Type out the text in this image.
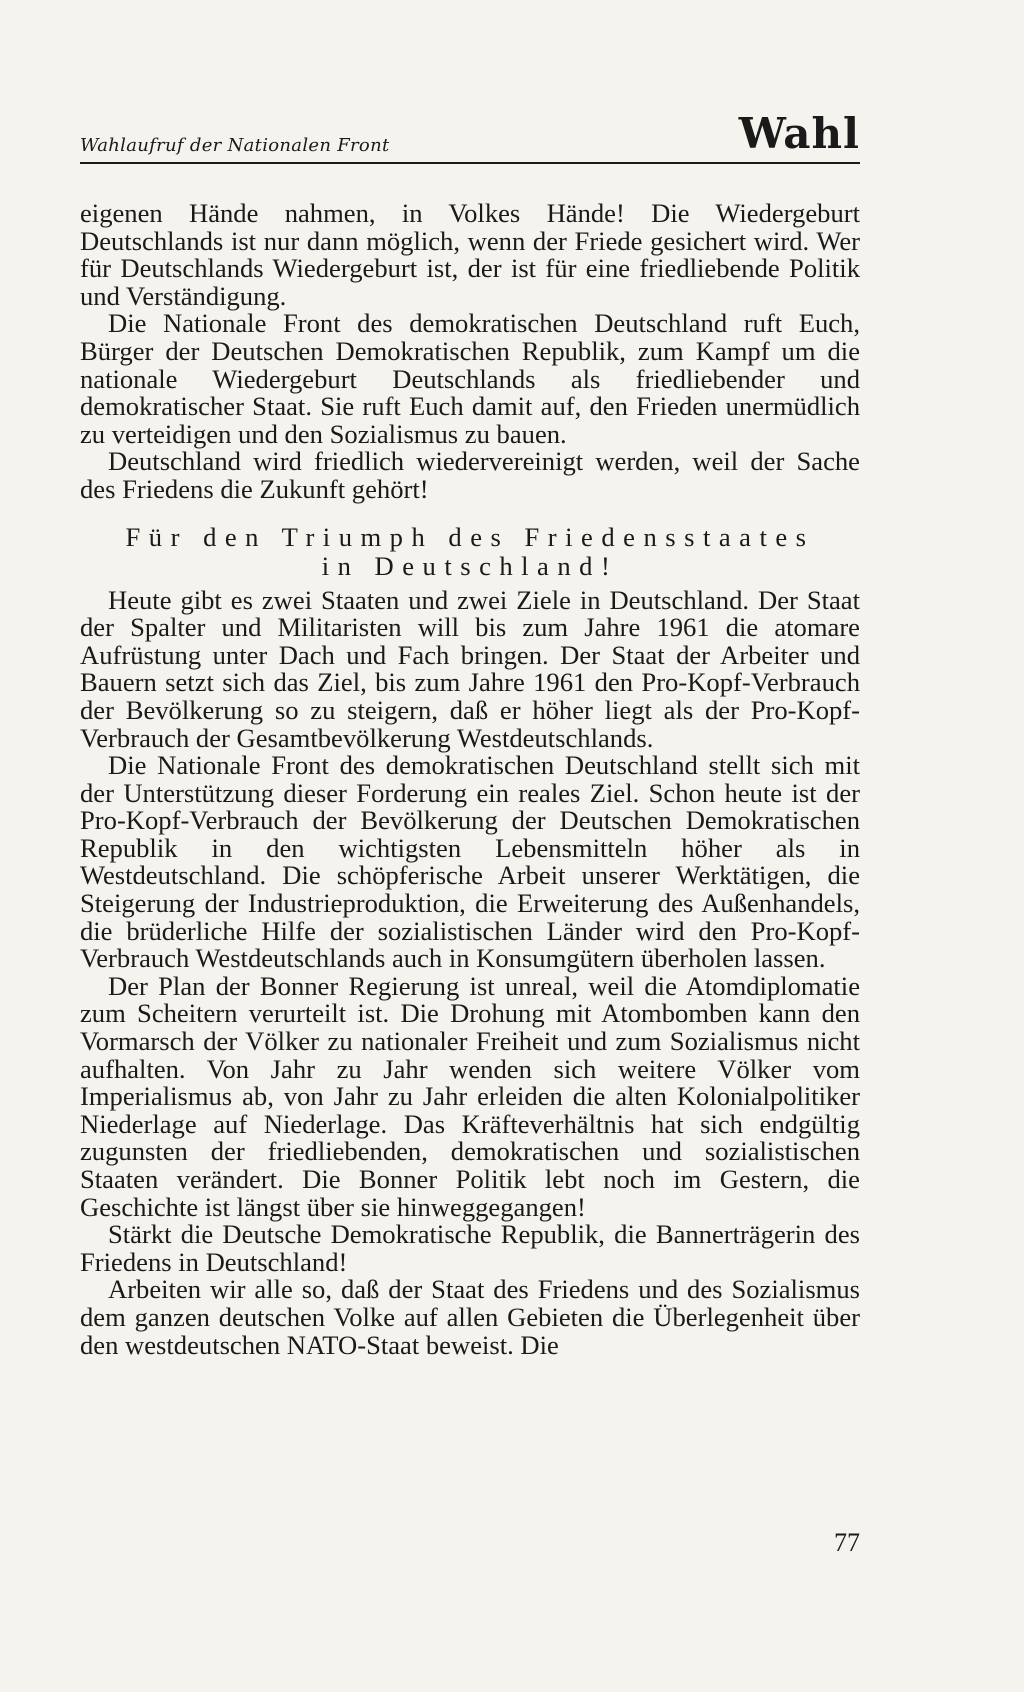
Wahlaufruf der Nationalen Front	Wahl

eigenen Hände nahmen, in Volkes Hände! Die Wiedergeburt Deutschlands ist nur dann möglich, wenn der Friede gesichert wird. Wer für Deutschlands Wiedergeburt ist, der ist für eine friedliebende Politik und Verständigung.

Die Nationale Front des demokratischen Deutschland ruft Euch, Bürger der Deutschen Demokratischen Republik, zum Kampf um die nationale Wiedergeburt Deutschlands als friedliebender und demokratischer Staat. Sie ruft Euch damit auf, den Frieden unermüdlich zu verteidigen und den Sozialismus zu bauen.

Deutschland wird friedlich wiedervereinigt werden, weil der Sache des Friedens die Zukunft gehört!

Für den Triumph des Friedensstaates
in Deutschland!

Heute gibt es zwei Staaten und zwei Ziele in Deutschland. Der Staat der Spalter und Militaristen will bis zum Jahre 1961 die atomare Aufrüstung unter Dach und Fach bringen. Der Staat der Arbeiter und Bauern setzt sich das Ziel, bis zum Jahre 1961 den Pro-Kopf-Verbrauch der Bevölkerung so zu steigern, daß er höher liegt als der Pro-Kopf-Verbrauch der Gesamtbevölkerung Westdeutschlands.

Die Nationale Front des demokratischen Deutschland stellt sich mit der Unterstützung dieser Forderung ein reales Ziel. Schon heute ist der Pro-Kopf-Verbrauch der Bevölkerung der Deutschen Demokratischen Republik in den wichtigsten Lebensmitteln höher als in Westdeutschland. Die schöpferische Arbeit unserer Werktätigen, die Steigerung der Industrieproduktion, die Erweiterung des Außenhandels, die brüderliche Hilfe der sozialistischen Länder wird den Pro-Kopf-Verbrauch Westdeutschlands auch in Konsumgütern überholen lassen.

Der Plan der Bonner Regierung ist unreal, weil die Atomdiplomatie zum Scheitern verurteilt ist. Die Drohung mit Atombomben kann den Vormarsch der Völker zu nationaler Freiheit und zum Sozialismus nicht aufhalten. Von Jahr zu Jahr wenden sich weitere Völker vom Imperialismus ab, von Jahr zu Jahr erleiden die alten Kolonialpolitiker Niederlage auf Niederlage. Das Kräfteverhältnis hat sich endgültig zugunsten der friedliebenden, demokratischen und sozialistischen Staaten verändert. Die Bonner Politik lebt noch im Gestern, die Geschichte ist längst über sie hinweggegangen!

Stärkt die Deutsche Demokratische Republik, die Bannerträgerin des Friedens in Deutschland!

Arbeiten wir alle so, daß der Staat des Friedens und des Sozialismus dem ganzen deutschen Volke auf allen Gebieten die Überlegenheit über den westdeutschen NATO-Staat beweist. Die

77
